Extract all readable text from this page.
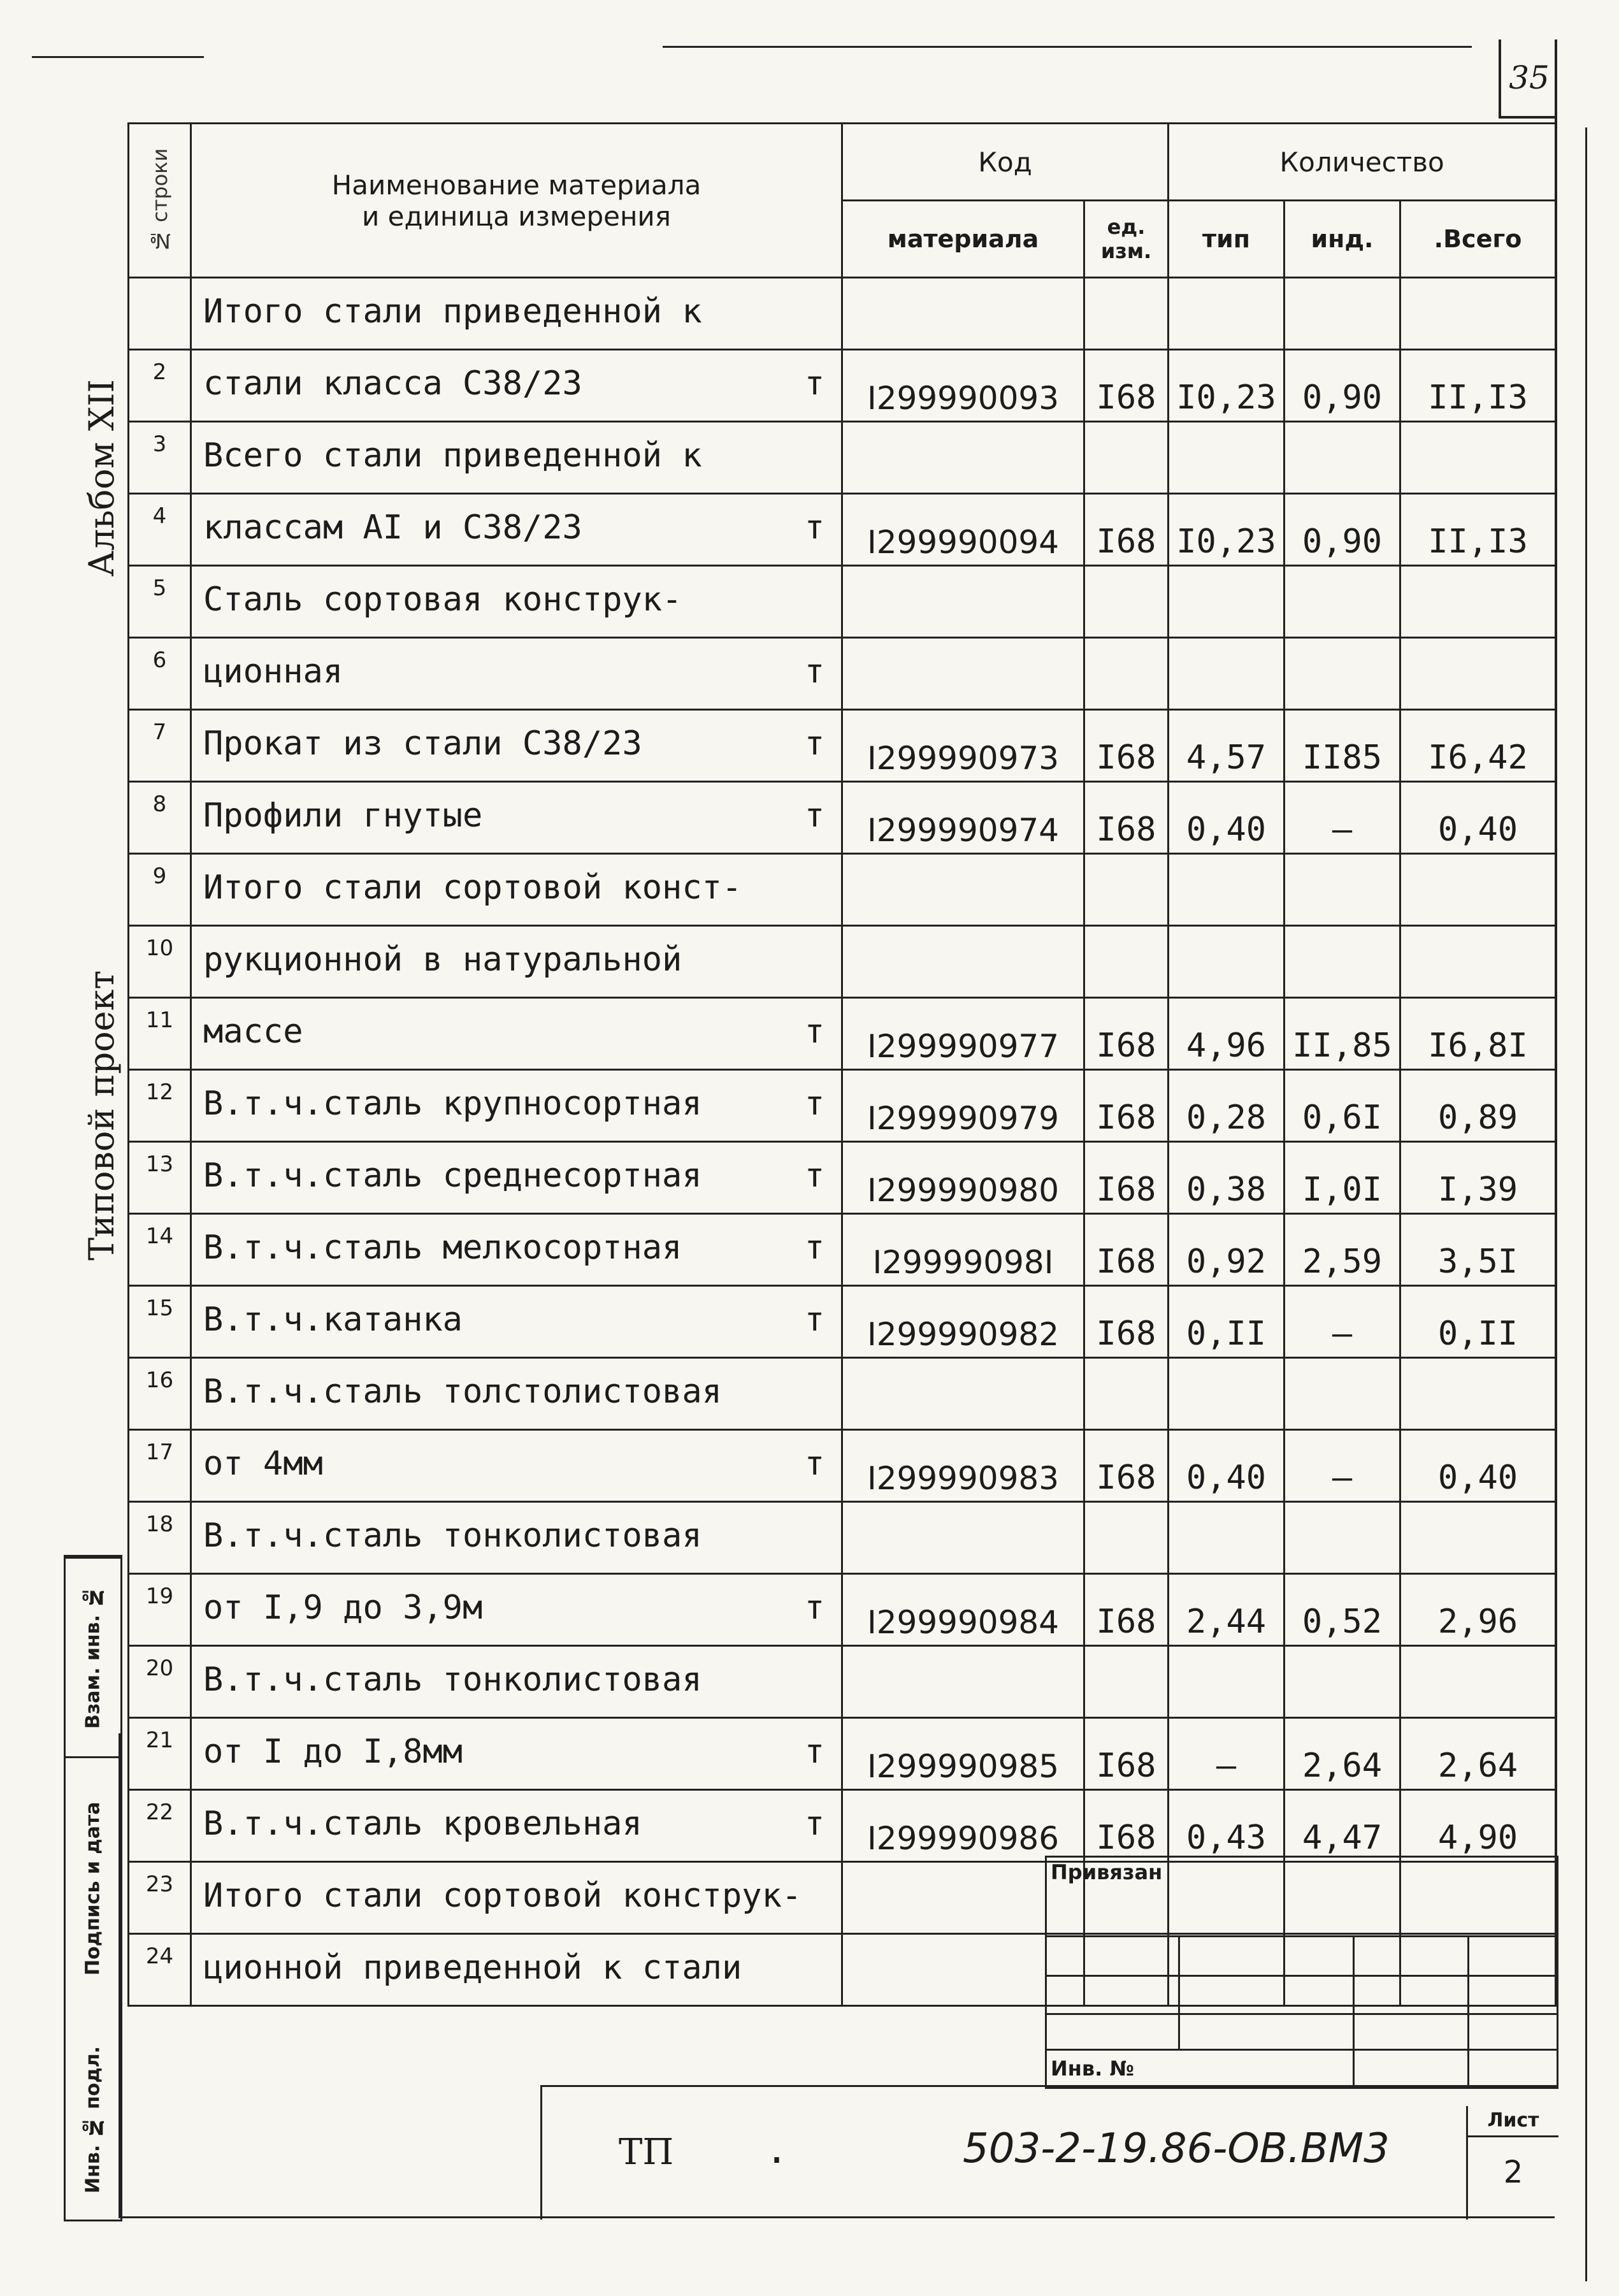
35
Альбом XII
Типовой проект
№ строки	Наименование материала
и единица измерения	Код		Количество		
		материала	ед. изм.	тип	инд.	.Всего

	Итого стали приведенной к					

2	стали класса С38/23 т	I299990093	I68	I0,23	0,90	II,I3
3	Всего стали приведенной к					

4	классам АI и С38/23 т	I299990094	I68	I0,23	0,90	II,I3
5	Сталь сортовая конструк-					

6	ционная т					

7	Прокат из стали С38/23 т	I299990973	I68	4,57	II85	I6,42
8	Профили гнутые т	I299990974	I68	0,40	–	0,40
9	Итого стали сортовой конст-					

10	рукционной в натуральной					

11	массе т	I299990977	I68	4,96	II,85	I6,8I
12	В.т.ч.сталь крупносортная т	I299990979	I68	0,28	0,6I	0,89
13	В.т.ч.сталь среднесортная т	I299990980	I68	0,38	I,0I	I,39
14	В.т.ч.сталь мелкосортная т	I29999098I	I68	0,92	2,59	3,5I
15	В.т.ч.катанка т	I299990982	I68	0,II	–	0,II
16	В.т.ч.сталь толстолистовая					

17	от 4мм т	I299990983	I68	0,40	–	0,40
18	В.т.ч.сталь тонколистовая					

19	от I,9 до 3,9м т	I299990984	I68	2,44	0,52	2,96
20	В.т.ч.сталь тонколистовая					

21	от I до I,8мм т	I299990985	I68	–	2,64	2,64
22	В.т.ч.сталь кровельная т	I299990986	I68	0,43	4,47	4,90
23	Итого стали сортовой конструк-					

24	ционной приведенной к стали					

Взам. инв. №
Подпись и дата
Инв. № подл.
Привязан
Инв. №
ТП .	503-2-19.86-ОВ.ВМ3
Лист
2
